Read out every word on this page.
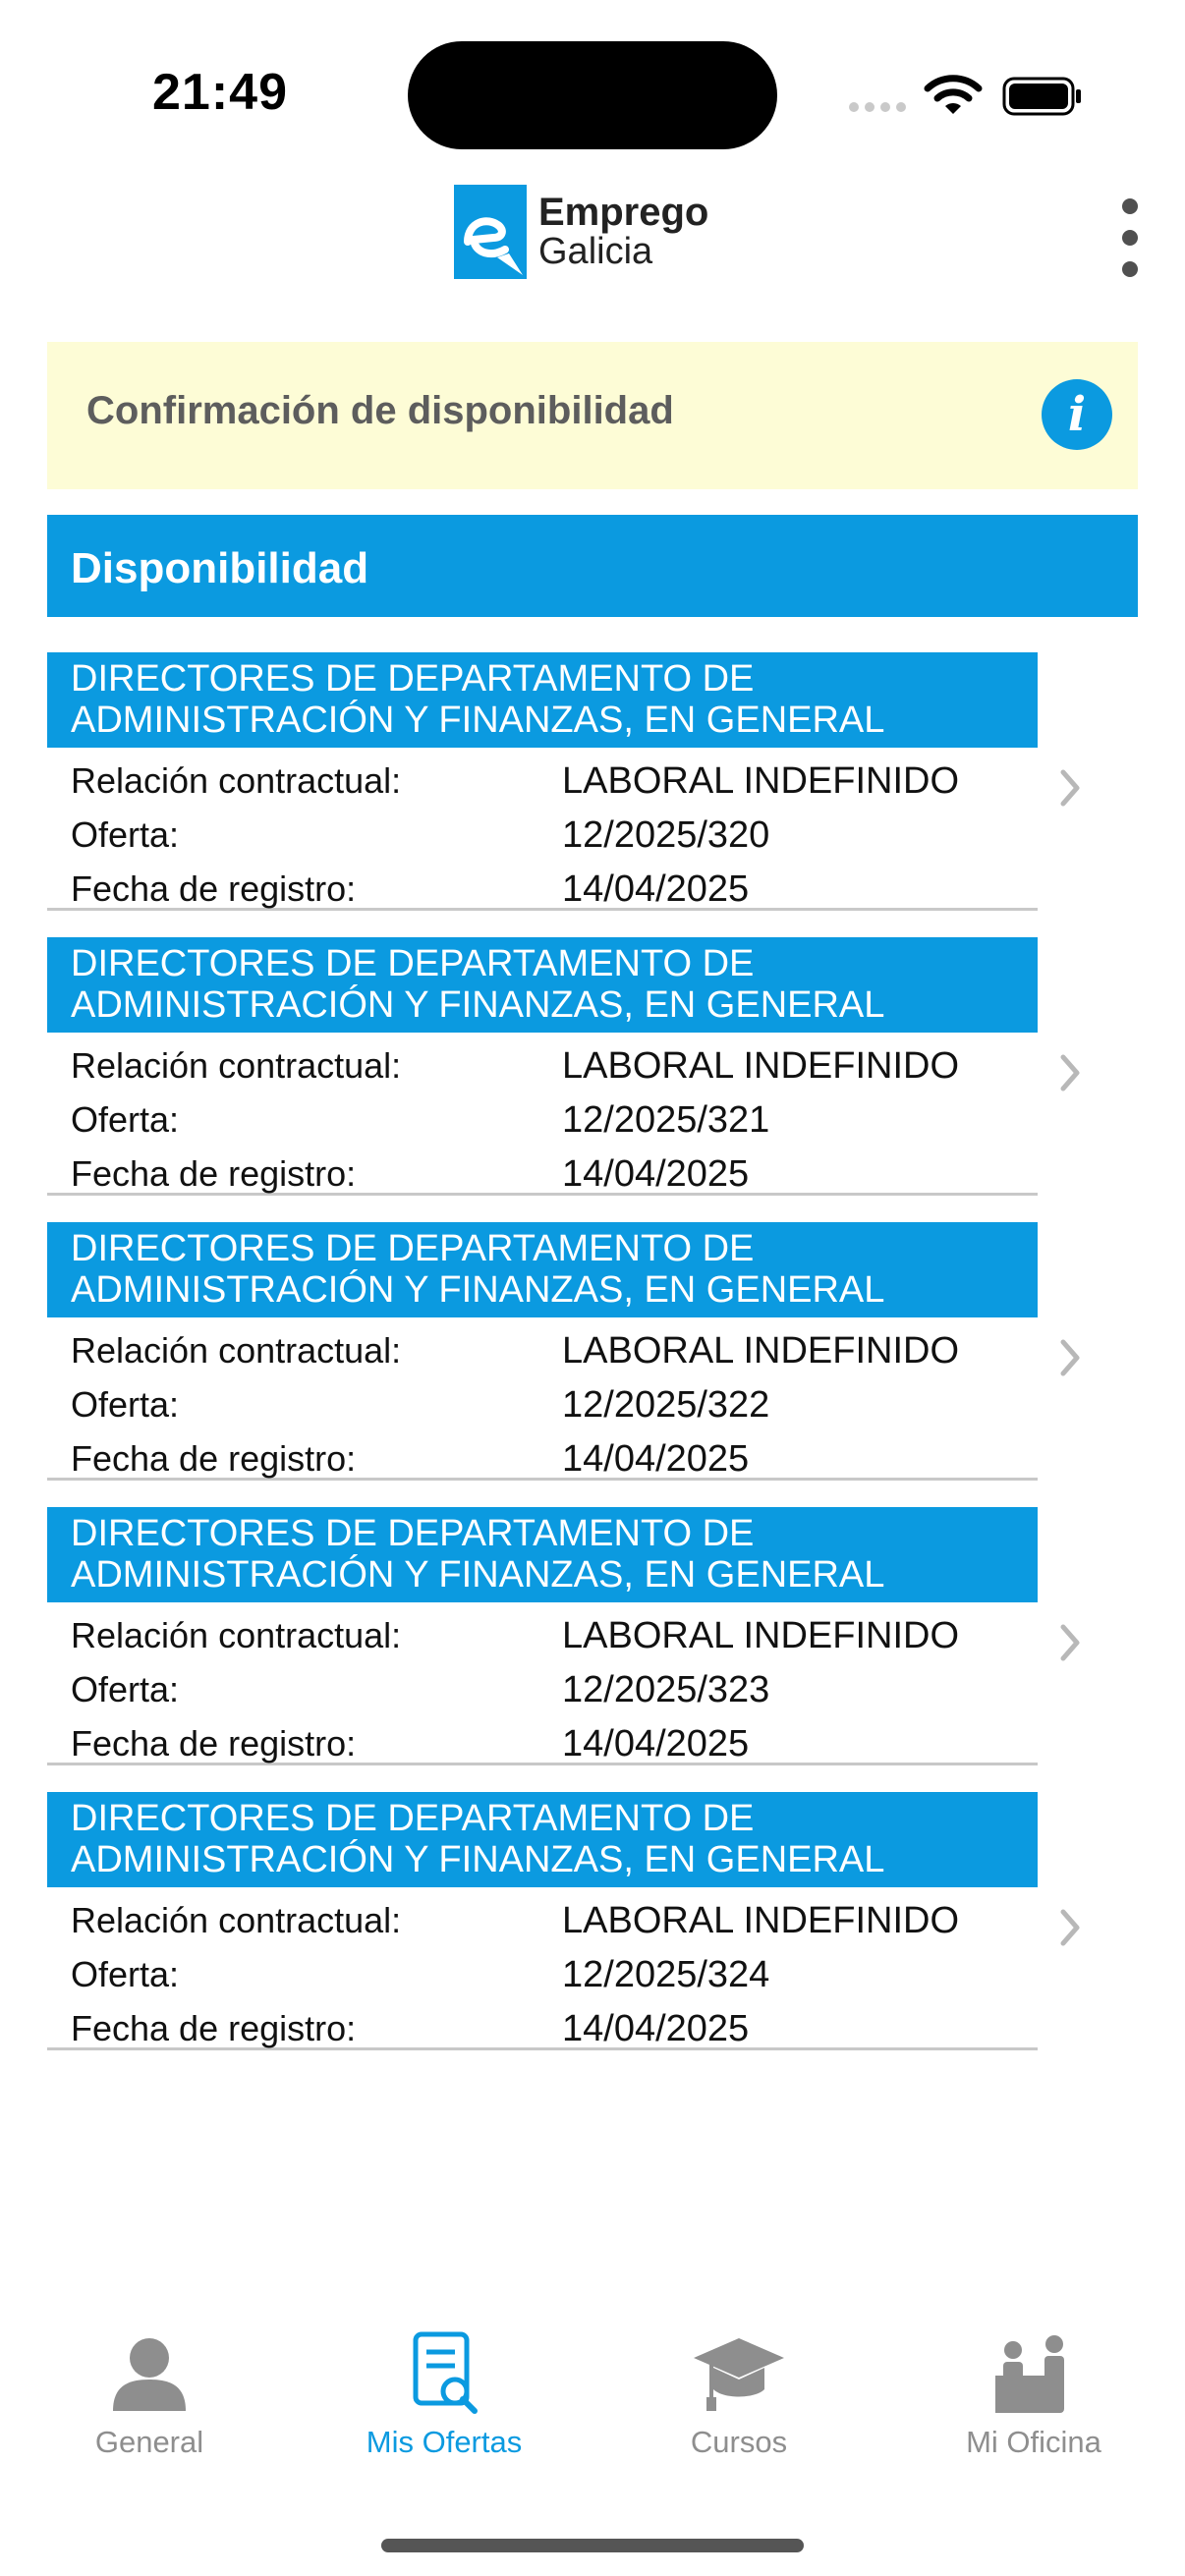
21:49
Emprego
Galicia
Confirmación de disponibilidad	i
Disponibilidad
DIRECTORES DE DEPARTAMENTO DE ADMINISTRACIÓN Y FINANZAS, EN GENERAL
Relación contractual:	LABORAL INDEFINIDO
Oferta:	12/2025/320
Fecha de registro:	14/04/2025
DIRECTORES DE DEPARTAMENTO DE ADMINISTRACIÓN Y FINANZAS, EN GENERAL
Relación contractual:	LABORAL INDEFINIDO
Oferta:	12/2025/321
Fecha de registro:	14/04/2025
DIRECTORES DE DEPARTAMENTO DE ADMINISTRACIÓN Y FINANZAS, EN GENERAL
Relación contractual:	LABORAL INDEFINIDO
Oferta:	12/2025/322
Fecha de registro:	14/04/2025
DIRECTORES DE DEPARTAMENTO DE ADMINISTRACIÓN Y FINANZAS, EN GENERAL
Relación contractual:	LABORAL INDEFINIDO
Oferta:	12/2025/323
Fecha de registro:	14/04/2025
DIRECTORES DE DEPARTAMENTO DE ADMINISTRACIÓN Y FINANZAS, EN GENERAL
Relación contractual:	LABORAL INDEFINIDO
Oferta:	12/2025/324
Fecha de registro:	14/04/2025
General	Mis Ofertas	Cursos	Mi Oficina
